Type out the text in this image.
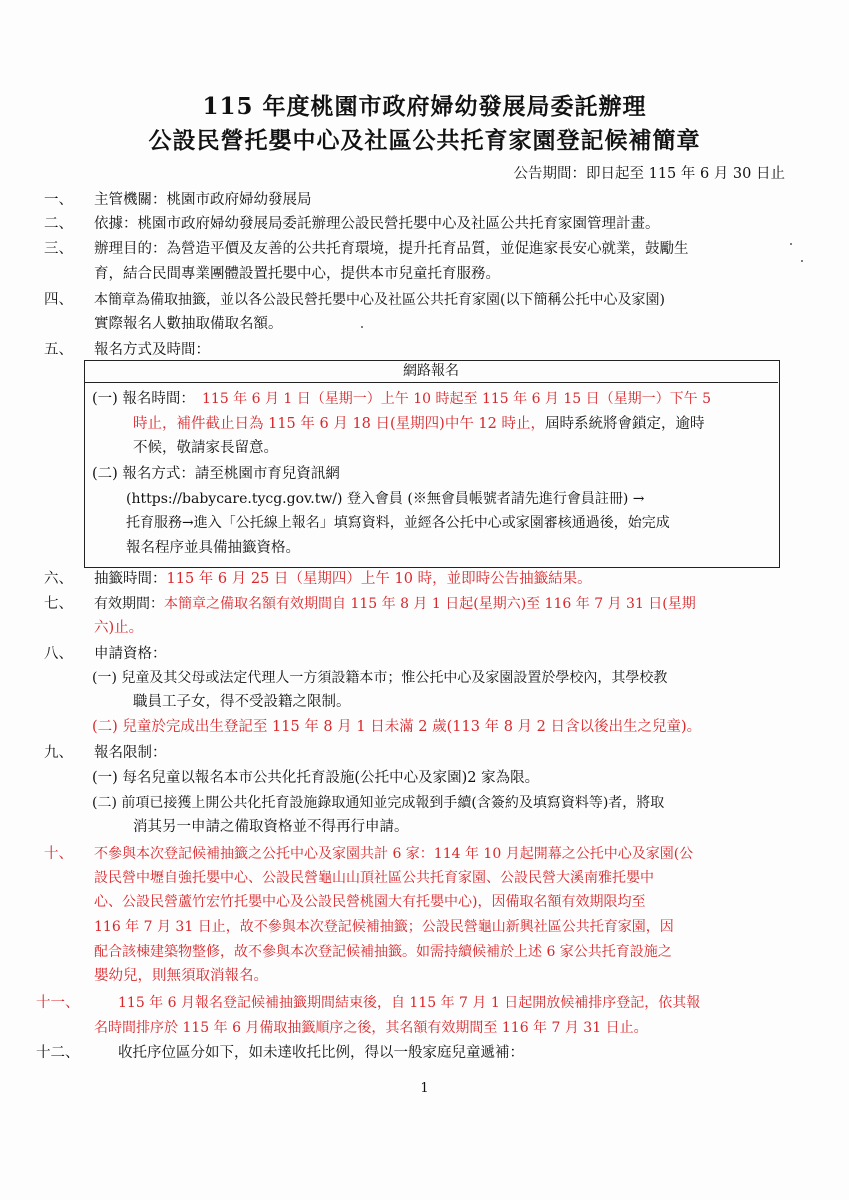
115 年度桃園市政府婦幼發展局委託辦理
公設民營托嬰中心及社區公共托育家園登記候補簡章
公告期間：即日起至 115 年 6 月 30 日止
一、 主管機關：桃園市政府婦幼發展局
二、 依據：桃園市政府婦幼發展局委託辦理公設民營托嬰中心及社區公共托育家園管理計畫。
三、 辦理目的：為營造平價及友善的公共托育環境，提升托育品質，並促進家長安心就業，鼓勵生
育，結合民間專業團體設置托嬰中心，提供本市兒童托育服務。
四、 本簡章為備取抽籤，並以各公設民營托嬰中心及社區公共托育家園(以下簡稱公托中心及家園)
實際報名人數抽取備取名額。
五、 報名方式及時間：
網路報名
(一) 報名時間： 115 年 6 月 1 日（星期一）上午 10 時起至 115 年 6 月 15 日（星期一）下午 5
時止，補件截止日為 115 年 6 月 18 日(星期四)中午 12 時止，屆時系統將會鎖定，逾時
不候，敬請家長留意。
(二) 報名方式：請至桃園市育兒資訊網
(https://babycare.tycg.gov.tw/) 登入會員 (※無會員帳號者請先進行會員註冊) →
托育服務→進入「公托線上報名」填寫資料，並經各公托中心或家園審核通過後，始完成
報名程序並具備抽籤資格。
六、 抽籤時間：115 年 6 月 25 日（星期四）上午 10 時，並即時公告抽籤結果。
七、 有效期間：本簡章之備取名額有效期間自 115 年 8 月 1 日起(星期六)至 116 年 7 月 31 日(星期
六)止。
八、 申請資格：
(一) 兒童及其父母或法定代理人一方須設籍本市；惟公托中心及家園設置於學校內，其學校教
職員工子女，得不受設籍之限制。
(二) 兒童於完成出生登記至 115 年 8 月 1 日未滿 2 歲(113 年 8 月 2 日含以後出生之兒童)。
九、 報名限制：
(一) 每名兒童以報名本市公共化托育設施(公托中心及家園)2 家為限。
(二) 前項已接獲上開公共化托育設施錄取通知並完成報到手續(含簽約及填寫資料等)者，將取
消其另一申請之備取資格並不得再行申請。
十、 不參與本次登記候補抽籤之公托中心及家園共計 6 家：114 年 10 月起開幕之公托中心及家園(公
設民營中壢自強托嬰中心、公設民營龜山山頂社區公共托育家園、公設民營大溪南雅托嬰中
心、公設民營蘆竹宏竹托嬰中心及公設民營桃園大有托嬰中心)，因備取名額有效期限均至
116 年 7 月 31 日止，故不參與本次登記候補抽籤；公設民營龜山新興社區公共托育家園，因
配合該棟建築物整修，故不參與本次登記候補抽籤。如需持續候補於上述 6 家公共托育設施之
嬰幼兒，則無須取消報名。
十一、	115 年 6 月報名登記候補抽籤期間結束後，自 115 年 7 月 1 日起開放候補排序登記，依其報
名時間排序於 115 年 6 月備取抽籤順序之後，其名額有效期間至 116 年 7 月 31 日止。
十二、	收托序位區分如下，如未達收托比例，得以一般家庭兒童遞補：
1
